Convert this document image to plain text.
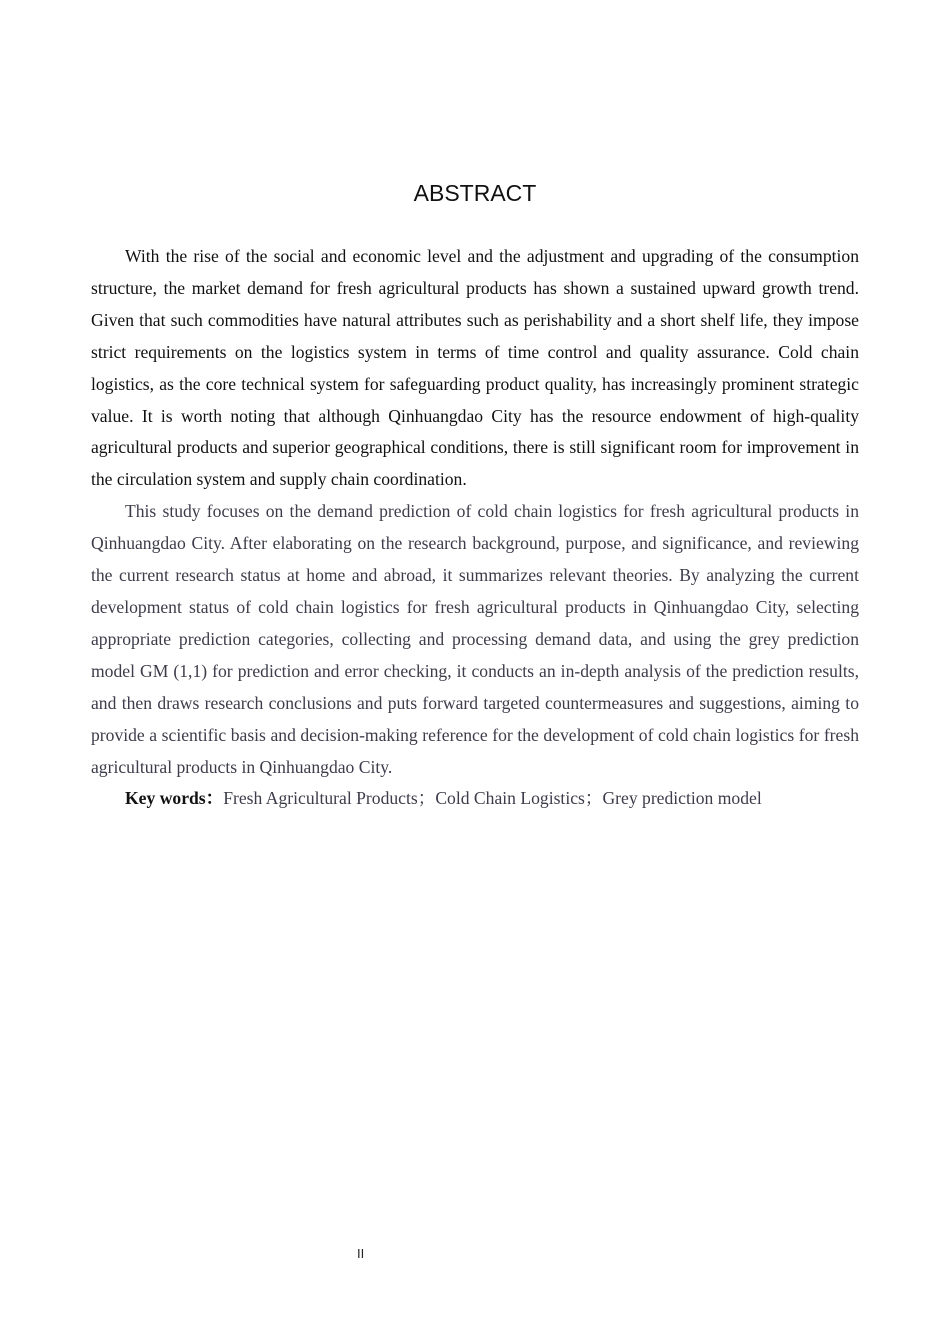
ABSTRACT

With the rise of the social and economic level and the adjustment and upgrading of the consumption structure, the market demand for fresh agricultural products has shown a sustained upward growth trend. Given that such commodities have natural attributes such as perishability and a short shelf life, they impose strict requirements on the logistics system in terms of time control and quality assurance. Cold chain logistics, as the core technical system for safeguarding product quality, has increasingly prominent strategic value. It is worth noting that although Qinhuangdao City has the resource endowment of high-quality agricultural products and superior geographical conditions, there is still significant room for improvement in the circulation system and supply chain coordination.

This study focuses on the demand prediction of cold chain logistics for fresh agricultural products in Qinhuangdao City. After elaborating on the research background, purpose, and significance, and reviewing the current research status at home and abroad, it summarizes relevant theories. By analyzing the current development status of cold chain logistics for fresh agricultural products in Qinhuangdao City, selecting appropriate prediction categories, collecting and processing demand data, and using the grey prediction model GM (1,1) for prediction and error checking, it conducts an in-depth analysis of the prediction results, and then draws research conclusions and puts forward targeted countermeasures and suggestions, aiming to provide a scientific basis and decision-making reference for the development of cold chain logistics for fresh agricultural products in Qinhuangdao City.

Key words：Fresh Agricultural Products；Cold Chain Logistics；Grey prediction model

II
